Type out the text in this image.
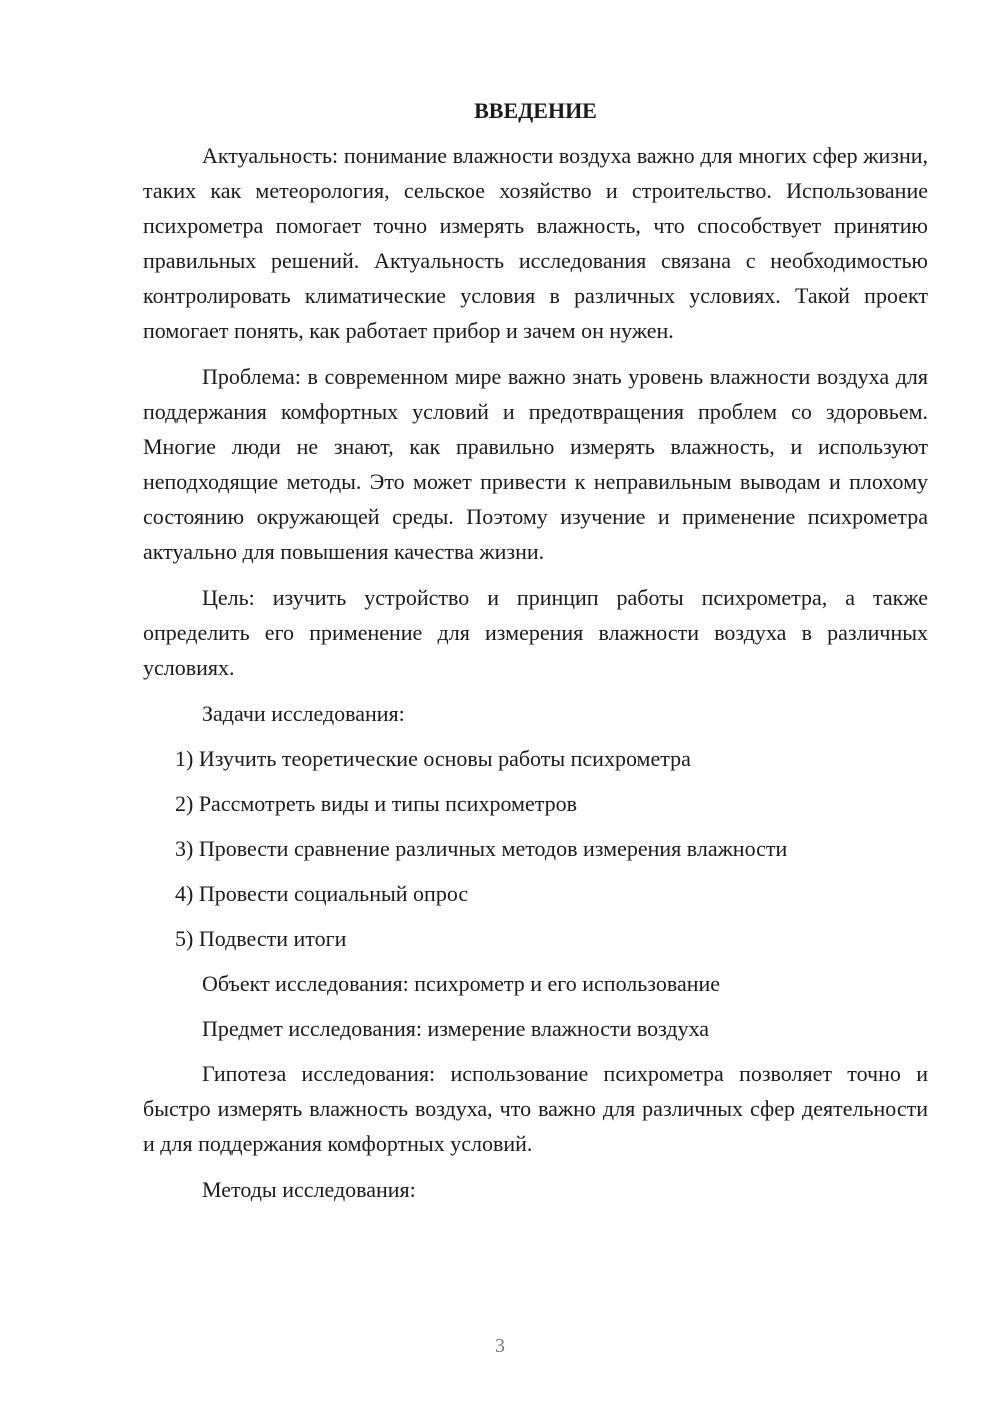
ВВЕДЕНИЕ

Актуальность: понимание влажности воздуха важно для многих сфер жизни, таких как метеорология, сельское хозяйство и строительство. Использование психрометра помогает точно измерять влажность, что способствует принятию правильных решений. Актуальность исследования связана с необходимостью контролировать климатические условия в различных условиях. Такой проект помогает понять, как работает прибор и зачем он нужен.

Проблема: в современном мире важно знать уровень влажности воздуха для поддержания комфортных условий и предотвращения проблем со здоровьем. Многие люди не знают, как правильно измерять влажность, и используют неподходящие методы. Это может привести к неправильным выводам и плохому состоянию окружающей среды. Поэтому изучение и применение психрометра актуально для повышения качества жизни.

Цель: изучить устройство и принцип работы психрометра, а также определить его применение для измерения влажности воздуха в различных условиях.

Задачи исследования:

1) Изучить теоретические основы работы психрометра
2) Рассмотреть виды и типы психрометров
3) Провести сравнение различных методов измерения влажности
4) Провести социальный опрос
5) Подвести итоги

Объект исследования: психрометр и его использование

Предмет исследования: измерение влажности воздуха

Гипотеза исследования: использование психрометра позволяет точно и быстро измерять влажность воздуха, что важно для различных сфер деятельности и для поддержания комфортных условий.

Методы исследования:

3
